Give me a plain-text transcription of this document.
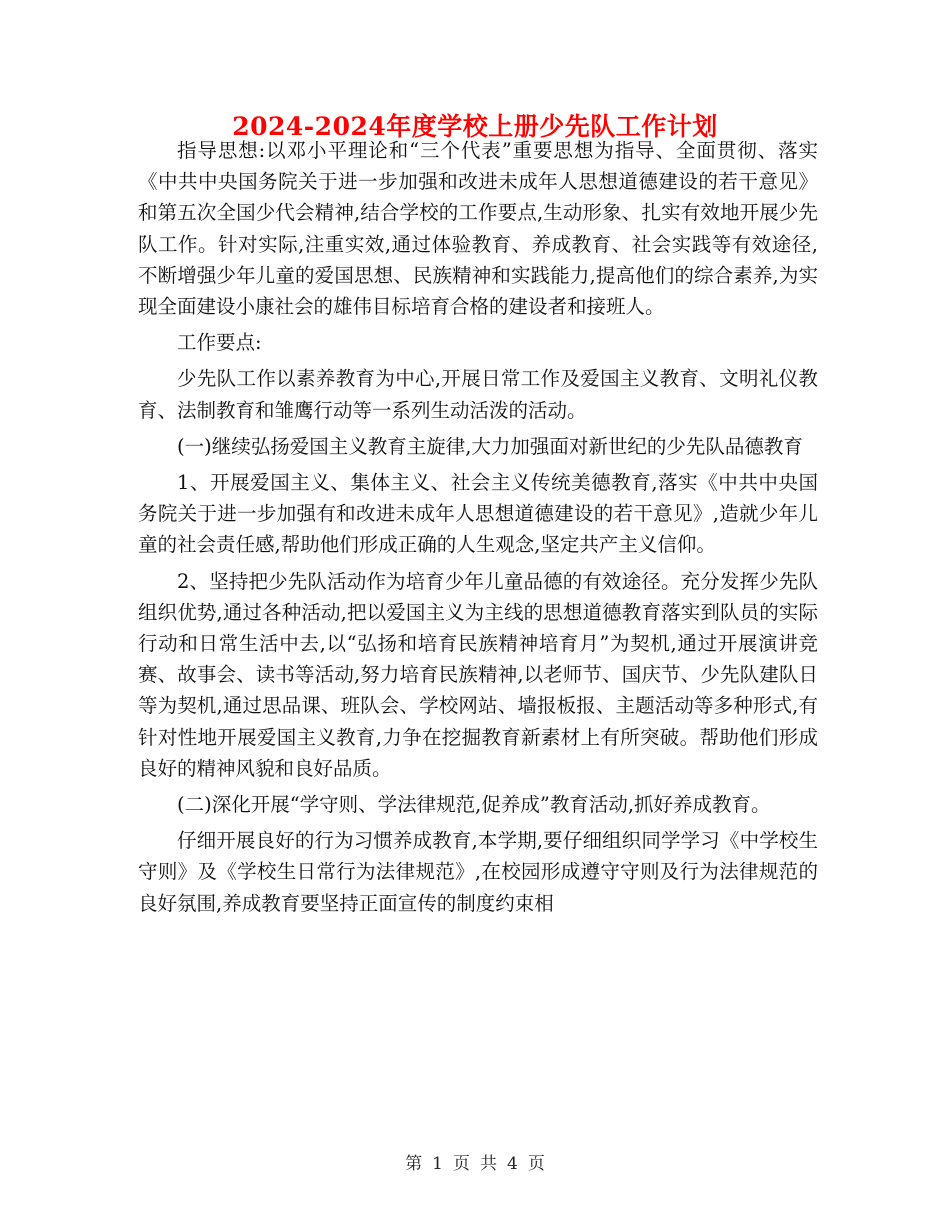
2024-2024年度学校上册少先队工作计划

指导思想:以邓小平理论和“三个代表”重要思想为指导、全面贯彻、落实《中共中央国务院关于进一步加强和改进未成年人思想道德建设的若干意见》和第五次全国少代会精神,结合学校的工作要点,生动形象、扎实有效地开展少先队工作。针对实际,注重实效,通过体验教育、养成教育、社会实践等有效途径,不断增强少年儿童的爱国思想、民族精神和实践能力,提高他们的综合素养,为实现全面建设小康社会的雄伟目标培育合格的建设者和接班人。

工作要点:

少先队工作以素养教育为中心,开展日常工作及爱国主义教育、文明礼仪教育、法制教育和雏鹰行动等一系列生动活泼的活动。

(一)继续弘扬爱国主义教育主旋律,大力加强面对新世纪的少先队品德教育

1、开展爱国主义、集体主义、社会主义传统美德教育,落实《中共中央国务院关于进一步加强有和改进未成年人思想道德建设的若干意见》,造就少年儿童的社会责任感,帮助他们形成正确的人生观念,坚定共产主义信仰。

2、坚持把少先队活动作为培育少年儿童品德的有效途径。充分发挥少先队组织优势,通过各种活动,把以爱国主义为主线的思想道德教育落实到队员的实际行动和日常生活中去,以“弘扬和培育民族精神培育月”为契机,通过开展演讲竞赛、故事会、读书等活动,努力培育民族精神,以老师节、国庆节、少先队建队日等为契机,通过思品课、班队会、学校网站、墙报板报、主题活动等多种形式,有针对性地开展爱国主义教育,力争在挖掘教育新素材上有所突破。帮助他们形成良好的精神风貌和良好品质。

(二)深化开展“学守则、学法律规范,促养成”教育活动,抓好养成教育。

仔细开展良好的行为习惯养成教育,本学期,要仔细组织同学学习《中学校生守则》及《学校生日常行为法律规范》,在校园形成遵守守则及行为法律规范的良好氛围,养成教育要坚持正面宣传的制度约束相

第 1 页 共 4 页
